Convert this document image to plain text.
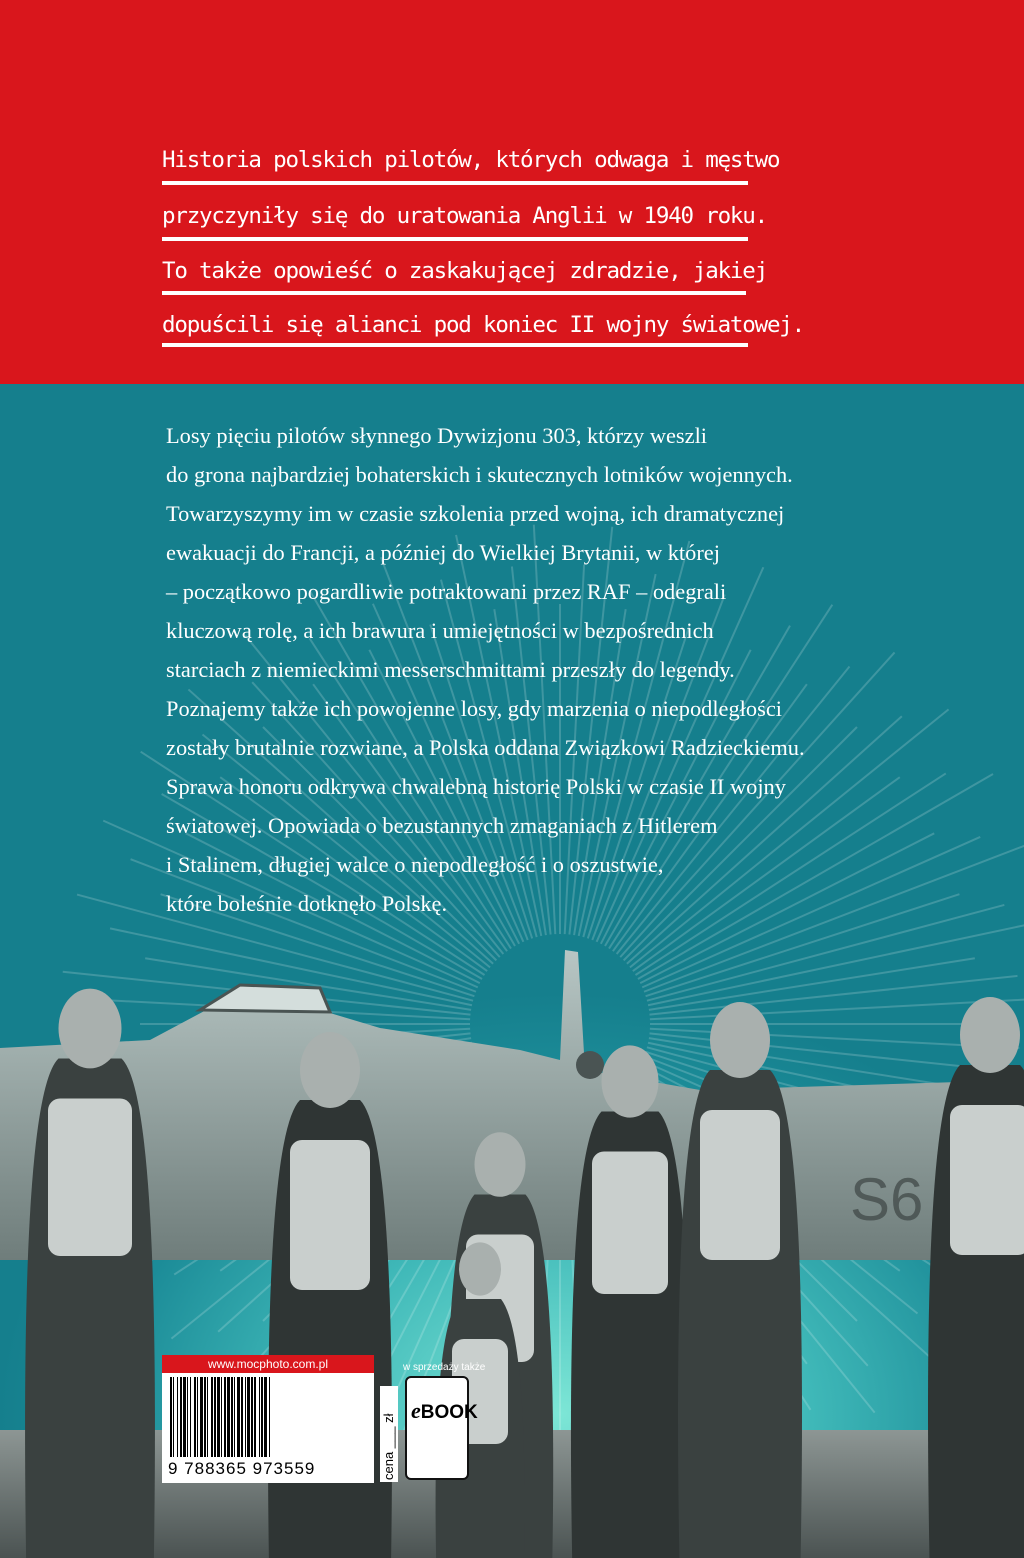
Historia polskich pilotów, których odwaga i męstwo
przyczyniły się do uratowania Anglii w 1940 roku.
To także opowieść o zaskakującej zdradzie, jakiej
dopuścili się alianci pod koniec II wojny światowej.
Losy pięciu pilotów słynnego Dywizjonu 303, którzy weszli
do grona najbardziej bohaterskich i skutecznych lotników wojennych.
Towarzyszymy im w czasie szkolenia przed wojną, ich dramatycznej
ewakuacji do Francji, a później do Wielkiej Brytanii, w której
– początkowo pogardliwie potraktowani przez RAF – odegrali
kluczową rolę, a ich brawura i umiejętności w bezpośrednich
starciach z niemieckimi messerschmittami przeszły do legendy.
Poznajemy także ich powojenne losy, gdy marzenia o niepodległości
zostały brutalnie rozwiane, a Polska oddana Związkowi Radzieckiemu.
Sprawa honoru odkrywa chwalebną historię Polski w czasie II wojny
światowej. Opowiada o bezustannych zmaganiach z Hitlerem
i Stalinem, długiej walce o niepodległość i o oszustwie,
które boleśnie dotknęło Polskę.
S6
www.mocphoto.com.pl
9 788365 973559	cena ___ zł
w sprzedaży także
eBOOK
